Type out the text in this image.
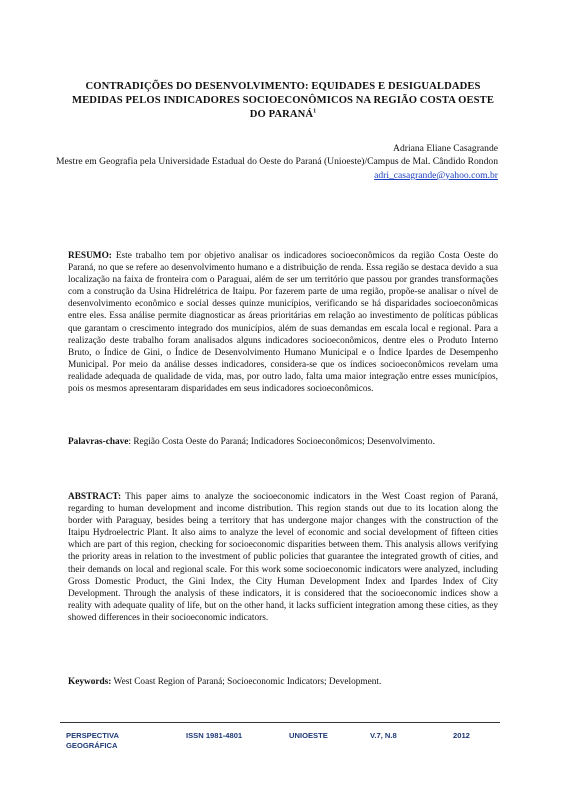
CONTRADIÇÕES DO DESENVOLVIMENTO: EQUIDADES E DESIGUALDADES MEDIDAS PELOS INDICADORES SOCIOECONÔMICOS NA REGIÃO COSTA OESTE DO PARANÁ$^1$
Adriana Eliane Casagrande
Mestre em Geografia pela Universidade Estadual do Oeste do Paraná (Unioeste)/Campus de Mal. Cândido Rondon
adri_casagrande@yahoo.com.br
RESUMO: Este trabalho tem por objetivo analisar os indicadores socioeconômicos da região Costa Oeste do Paraná, no que se refere ao desenvolvimento humano e a distribuição de renda. Essa região se destaca devido a sua localização na faixa de fronteira com o Paraguai, além de ser um território que passou por grandes transformações com a construção da Usina Hidrelétrica de Itaipu. Por fazerem parte de uma região, propõe-se analisar o nível de desenvolvimento econômico e social desses quinze municípios, verificando se há disparidades socioeconômicas entre eles. Essa análise permite diagnosticar as áreas prioritárias em relação ao investimento de políticas públicas que garantam o crescimento integrado dos municípios, além de suas demandas em escala local e regional. Para a realização deste trabalho foram analisados alguns indicadores socioeconômicos, dentre eles o Produto Interno Bruto, o Índice de Gini, o Índice de Desenvolvimento Humano Municipal e o Índice Ipardes de Desempenho Municipal. Por meio da análise desses indicadores, considera-se que os índices socioeconômicos revelam uma realidade adequada de qualidade de vida, mas, por outro lado, falta uma maior integração entre esses municípios, pois os mesmos apresentaram disparidades em seus indicadores socioeconômicos.
Palavras-chave: Região Costa Oeste do Paraná; Indicadores Socioeconômicos; Desenvolvimento.
ABSTRACT: This paper aims to analyze the socioeconomic indicators in the West Coast region of Paraná, regarding to human development and income distribution. This region stands out due to its location along the border with Paraguay, besides being a territory that has undergone major changes with the construction of the Itaipu Hydroelectric Plant. It also aims to analyze the level of economic and social development of fifteen cities which are part of this region, checking for socioeconomic disparities between them. This analysis allows verifying the priority areas in relation to the investment of public policies that guarantee the integrated growth of cities, and their demands on local and regional scale. For this work some socioeconomic indicators were analyzed, including Gross Domestic Product, the Gini Index, the City Human Development Index and Ipardes Index of City Development. Through the analysis of these indicators, it is considered that the socioeconomic indices show a reality with adequate quality of life, but on the other hand, it lacks sufficient integration among these cities, as they showed differences in their socioeconomic indicators.
Keywords: West Coast Region of Paraná; Socioeconomic Indicators; Development.
PERSPECTIVA GEOGRÁFICA
ISSN 1981-4801	UNIOESTE	V.7, N.8	2012
